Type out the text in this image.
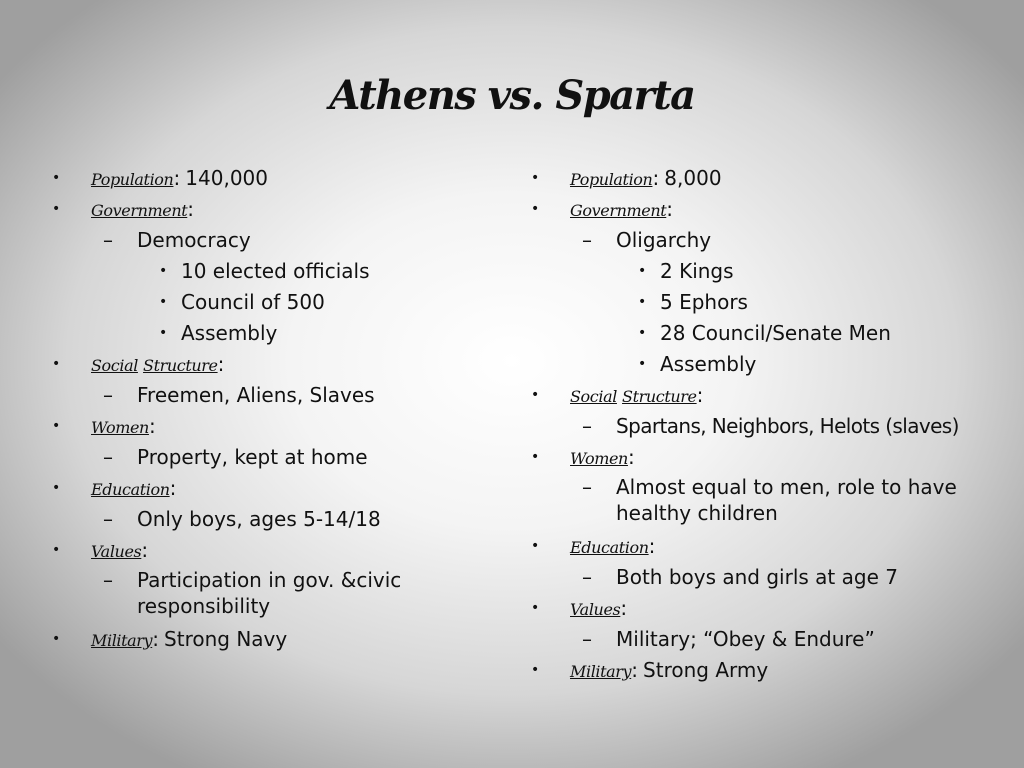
Athens vs. Sparta
• Population: 140,000
• Government:
– Democracy
• 10 elected officials
• Council of 500
• Assembly
• Social Structure:
– Freemen, Aliens, Slaves
• Women:
– Property, kept at home
• Education:
– Only boys, ages 5-14/18
• Values:
– Participation in gov. &civic responsibility
• Military: Strong Navy
• Population: 8,000
• Government:
– Oligarchy
• 2 Kings
• 5 Ephors
• 28 Council/Senate Men
• Assembly
• Social Structure:
– Spartans, Neighbors, Helots (slaves)
• Women:
– Almost equal to men, role to have healthy children
• Education:
– Both boys and girls at age 7
• Values:
– Military; “Obey & Endure”
• Military: Strong Army
